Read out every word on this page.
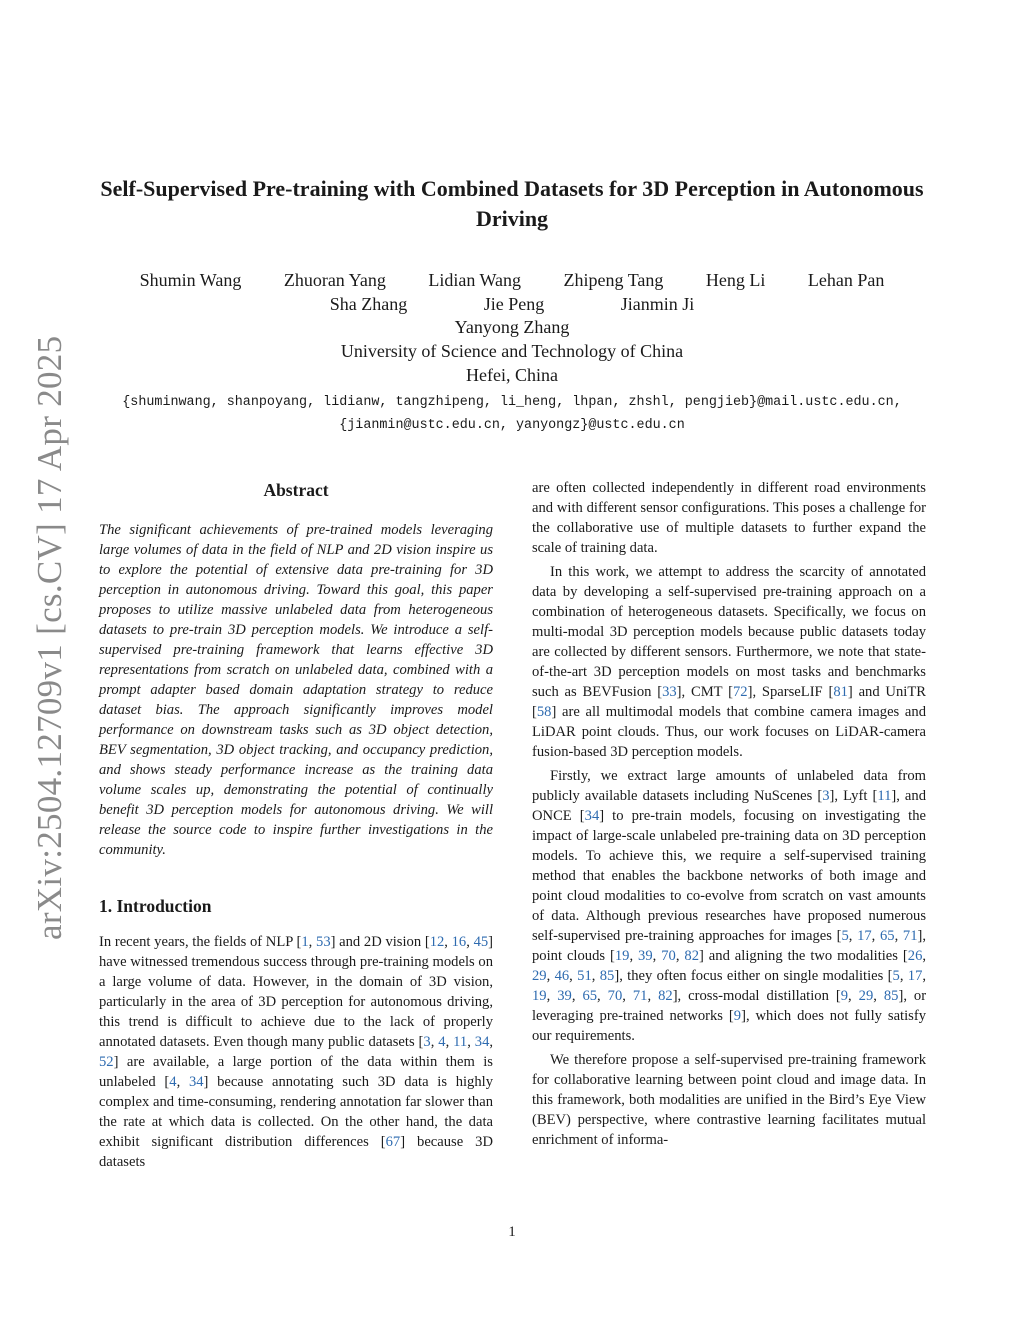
arXiv:2504.12709v1 [cs.CV] 17 Apr 2025
Self-Supervised Pre-training with Combined Datasets for 3D Perception in Autonomous Driving
Shumin Wang Zhuoran Yang Lidian Wang Zhipeng Tang Heng Li Lehan Pan
Sha Zhang	Jie Peng	Jianmin Ji
Yanyong Zhang
University of Science and Technology of China
Hefei, China
{shuminwang, shanpoyang, lidianw, tangzhipeng, li_heng, lhpan, zhshl, pengjieb}@mail.ustc.edu.cn,
{jianmin@ustc.edu.cn, yanyongz}@ustc.edu.cn
Abstract
The significant achievements of pre-trained models leveraging large volumes of data in the field of NLP and 2D vision inspire us to explore the potential of extensive data pre-training for 3D perception in autonomous driving. Toward this goal, this paper proposes to utilize massive unlabeled data from heterogeneous datasets to pre-train 3D perception models. We introduce a self-supervised pre-training framework that learns effective 3D representations from scratch on unlabeled data, combined with a prompt adapter based domain adaptation strategy to reduce dataset bias. The approach significantly improves model performance on downstream tasks such as 3D object detection, BEV segmentation, 3D object tracking, and occupancy prediction, and shows steady performance increase as the training data volume scales up, demonstrating the potential of continually benefit 3D perception models for autonomous driving. We will release the source code to inspire further investigations in the community.
1. Introduction

In recent years, the fields of NLP [1, 53] and 2D vision [12, 16, 45] have witnessed tremendous success through pre-training models on a large volume of data. However, in the domain of 3D vision, particularly in the area of 3D perception for autonomous driving, this trend is difficult to achieve due to the lack of properly annotated datasets. Even though many public datasets [3, 4, 11, 34, 52] are available, a large portion of the data within them is unlabeled [4, 34] because annotating such 3D data is highly complex and time-consuming, rendering annotation far slower than the rate at which data is collected. On the other hand, the data exhibit significant distribution differences [67] because 3D datasets

are often collected independently in different road environments and with different sensor configurations. This poses a challenge for the collaborative use of multiple datasets to further expand the scale of training data.

In this work, we attempt to address the scarcity of annotated data by developing a self-supervised pre-training approach on a combination of heterogeneous datasets. Specifically, we focus on multi-modal 3D perception models because public datasets today are collected by different sensors. Furthermore, we note that state-of-the-art 3D perception models on most tasks and benchmarks such as BEVFusion [33], CMT [72], SparseLIF [81] and UniTR [58] are all multimodal models that combine camera images and LiDAR point clouds. Thus, our work focuses on LiDAR-camera fusion-based 3D perception models.

Firstly, we extract large amounts of unlabeled data from publicly available datasets including NuScenes [3], Lyft [11], and ONCE [34] to pre-train models, focusing on investigating the impact of large-scale unlabeled pre-training data on 3D perception models. To achieve this, we require a self-supervised training method that enables the backbone networks of both image and point cloud modalities to co-evolve from scratch on vast amounts of data. Although previous researches have proposed numerous self-supervised pre-training approaches for images [5, 17, 65, 71], point clouds [19, 39, 70, 82] and aligning the two modalities [26, 29, 46, 51, 85], they often focus either on single modalities [5, 17, 19, 39, 65, 70, 71, 82], cross-modal distillation [9, 29, 85], or leveraging pre-trained networks [9], which does not fully satisfy our requirements.

We therefore propose a self-supervised pre-training framework for collaborative learning between point cloud and image data. In this framework, both modalities are unified in the Bird’s Eye View (BEV) perspective, where contrastive learning facilitates mutual enrichment of informa-

1
